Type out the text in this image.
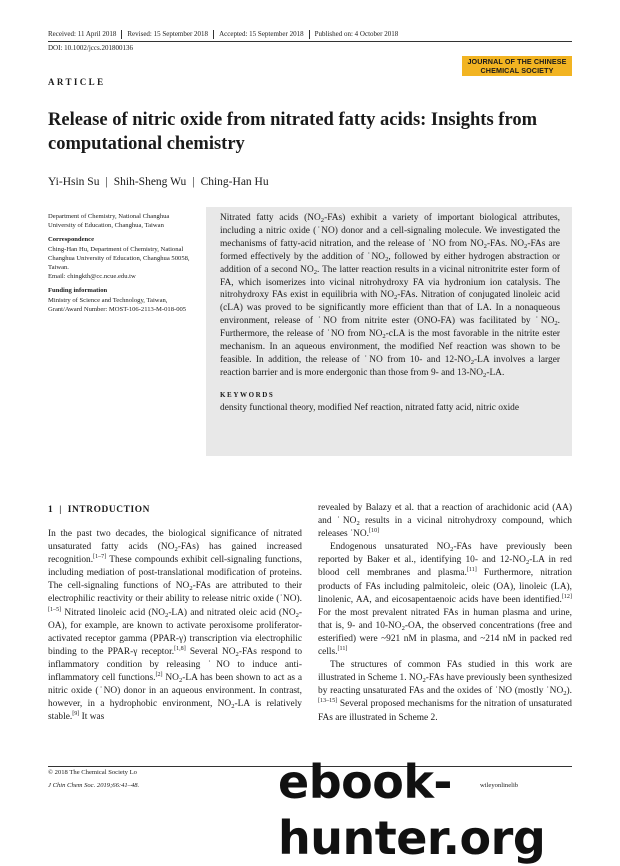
Received: 11 April 2018	Revised: 15 September 2018	Accepted: 15 September 2018	Published on: 4 October 2018
DOI: 10.1002/jccs.201800136
JOURNAL OF THE CHINESE
CHEMICAL SOCIETY
ARTICLE
Release of nitric oxide from nitrated fatty acids: Insights from computational chemistry
Yi-Hsin Su | Shih-Sheng Wu | Ching-Han Hu

Department of Chemistry, National Changhua University of Education, Changhua, Taiwan

Correspondence

Ching-Han Hu, Department of Chemistry, National Changhua University of Education, Changhua 50058, Taiwan.

Email: chingkth@cc.ncue.edu.tw

Funding information

Ministry of Science and Technology, Taiwan, Grant/Award Number: MOST-106-2113-M-018-005

Nitrated fatty acids $(NO_2-FAs)$ exhibit a variety of important biological attributes, including a nitric oxide (˙NO) donor and a cell-signaling molecule. We investigated the mechanisms of fatty-acid nitration, and the release of ˙NO from $NO_2$-FAs. $NO_2$-FAs are formed effectively by the addition of $˙NO_2$, followed by either hydrogen abstraction or addition of a second $NO_2$. The latter reaction results in a vicinal nitronitrite ester form of FA, which isomerizes into vicinal nitrohydroxy FA via hydronium ion catalysis. The nitrohydroxy FAs exist in equilibria with $NO_2$-FAs. Nitration of conjugated linoleic acid (cLA) was proved to be significantly more efficient than that of LA. In a nonaqueous environment, release of ˙NO from nitrite ester (ONO-FA) was facilitated by $˙NO_2$. Furthermore, the release of ˙NO from $NO_2$-cLA is the most favorable in the nitrite ester mechanism. In an aqueous environment, the modified Nef reaction was shown to be feasible. In addition, the release of ˙NO from 10- and $12-NO_2-LA$ involves a larger reaction barrier and is more endergonic than those from 9- and $13-NO_2-LA$.

KEYWORDS
density functional theory, modified Nef reaction, nitrated fatty acid, nitric oxide
1 | INTRODUCTION

In the past two decades, the biological significance of nitrated unsaturated fatty acids $(NO_2-FAs)$ has gained increased recognition.[1–7] These compounds exhibit cell-signaling functions, including mediation of post-translational modification of proteins. The cell-signaling functions of $NO_2$-FAs are attributed to their electrophilic reactivity or their ability to release nitric oxide (˙NO).[1–5] Nitrated linoleic acid $(NO_2-LA)$ and nitrated oleic acid $(NO_2-OA)$, for example, are known to activate peroxisome proliferator-activated receptor gamma (PPAR-γ) transcription via electrophilic binding to the PPAR-γ receptor.[1,8] Several $NO_2$-FAs respond to inflammatory condition by releasing ˙NO to induce anti-inflammatory cell functions.[2] $NO_2-LA$ has been shown to act as a nitric oxide (˙NO) donor in an aqueous environment. In contrast, however, in a hydrophobic environment, $NO_2-LA$ is relatively stable.[9] It was

revealed by Balazy et al. that a reaction of arachidonic acid (AA) and $˙NO_2$ results in a vicinal nitrohydroxy compound, which releases ˙NO.[10]

Endogenous unsaturated $NO_2$-FAs have previously been reported by Baker et al., identifying 10- and $12-NO_2-LA$ in red blood cell membranes and plasma.[11] Furthermore, nitration products of FAs including palmitoleic, oleic (OA), linoleic (LA), linolenic, AA, and eicosapentaenoic acids have been identified.[12] For the most prevalent nitrated FAs in human plasma and urine, that is, 9- and $10-NO_2-OA$, the observed concentrations (free and esterified) were ~921 nM in plasma, and ~214 nM in packed red cells.[11]

The structures of common FAs studied in this work are illustrated in Scheme 1. $NO_2$-FAs have previously been synthesized by reacting unsaturated FAs and the oxides of ˙NO (mostly $˙NO_2).[13-15]$ Several proposed mechanisms for the nitration of unsaturated FAs are illustrated in Scheme 2.

© 2018 The Chemical Society Lo
J Chin Chem Soc. 2019;66:41–48.	wileyonlinelib
ebook-hunter.org
